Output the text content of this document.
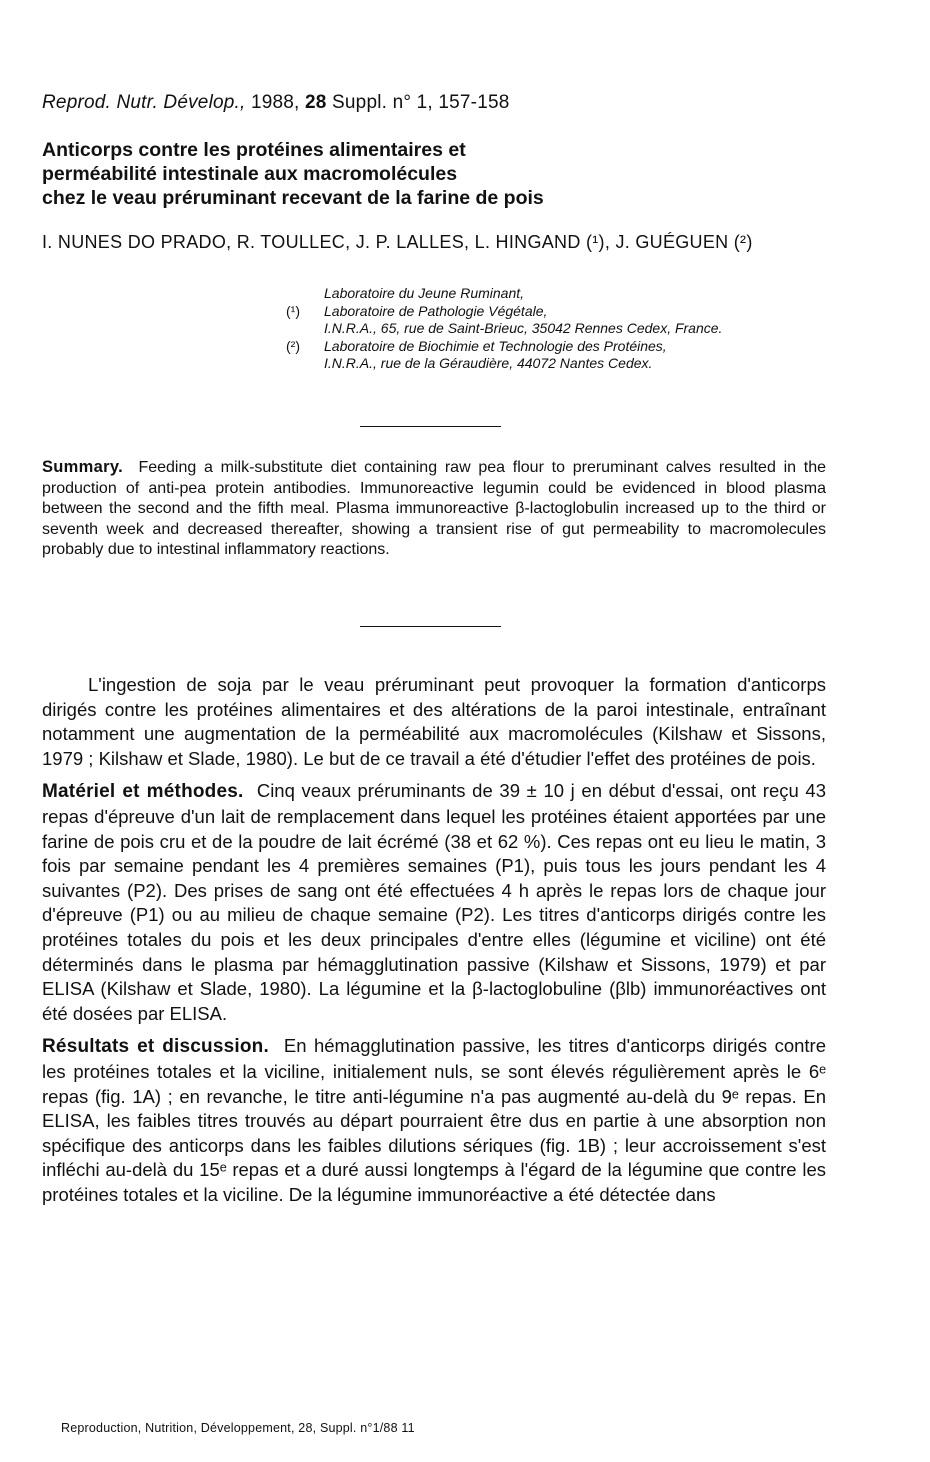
Reprod. Nutr. Dévelop., 1988, 28 Suppl. n° 1, 157-158
Anticorps contre les protéines alimentaires et
perméabilité intestinale aux macromolécules
chez le veau préruminant recevant de la farine de pois
I. NUNES DO PRADO, R. TOULLEC, J. P. LALLES, L. HINGAND (¹), J. GUÉGUEN (²)
Laboratoire du Jeune Ruminant,
(¹) Laboratoire de Pathologie Végétale,
I.N.R.A., 65, rue de Saint-Brieuc, 35042 Rennes Cedex, France.
(²) Laboratoire de Biochimie et Technologie des Protéines,
I.N.R.A., rue de la Géraudière, 44072 Nantes Cedex.
Summary. Feeding a milk-substitute diet containing raw pea flour to preruminant calves resulted in the production of anti-pea protein antibodies. Immunoreactive legumin could be evidenced in blood plasma between the second and the fifth meal. Plasma immunoreactive β-lactoglobulin increased up to the third or seventh week and decreased thereafter, showing a transient rise of gut permeability to macromolecules probably due to intestinal inflammatory reactions.

L'ingestion de soja par le veau préruminant peut provoquer la formation d'anticorps dirigés contre les protéines alimentaires et des altérations de la paroi intestinale, entraînant notamment une augmentation de la perméabilité aux macromolécules (Kilshaw et Sissons, 1979 ; Kilshaw et Slade, 1980). Le but de ce travail a été d'étudier l'effet des protéines de pois.

Matériel et méthodes. Cinq veaux préruminants de 39 ± 10 j en début d'essai, ont reçu 43 repas d'épreuve d'un lait de remplacement dans lequel les protéines étaient apportées par une farine de pois cru et de la poudre de lait écrémé (38 et 62 %). Ces repas ont eu lieu le matin, 3 fois par semaine pendant les 4 premières semaines (P1), puis tous les jours pendant les 4 suivantes (P2). Des prises de sang ont été effectuées 4 h après le repas lors de chaque jour d'épreuve (P1) ou au milieu de chaque semaine (P2). Les titres d'anticorps dirigés contre les protéines totales du pois et les deux principales d'entre elles (légumine et viciline) ont été déterminés dans le plasma par hémagglutination passive (Kilshaw et Sissons, 1979) et par ELISA (Kilshaw et Slade, 1980). La légumine et la β-lactoglobuline (βlb) immunoréactives ont été dosées par ELISA.

Résultats et discussion. En hémagglutination passive, les titres d'anticorps dirigés contre les protéines totales et la viciline, initialement nuls, se sont élevés régulièrement après le 6ᵉ repas (fig. 1A) ; en revanche, le titre anti-légumine n'a pas augmenté au-delà du 9ᵉ repas. En ELISA, les faibles titres trouvés au départ pourraient être dus en partie à une absorption non spécifique des anticorps dans les faibles dilutions sériques (fig. 1B) ; leur accroissement s'est infléchi au-delà du 15ᵉ repas et a duré aussi longtemps à l'égard de la légumine que contre les protéines totales et la viciline. De la légumine immunoréactive a été détectée dans

Reproduction, Nutrition, Développement, 28, Suppl. n°1/88 11
